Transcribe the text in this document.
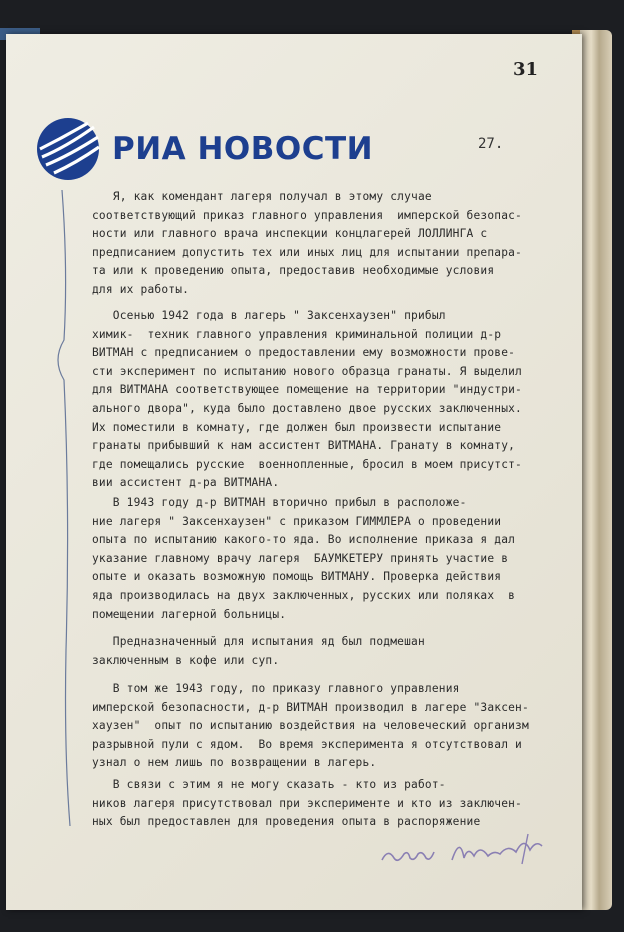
31
27.
РИА НОВОСТИ
Я, как комендант лагеря получал в этому случае
соответствующий приказ главного управления  имперской безопас-
ности или главного врача инспекции концлагерей ЛОЛЛИНГА с
предписанием допустить тех или иных лиц для испытании препара-
та или к проведению опыта, предоставив необходимые условия
для их работы.
Осенью 1942 года в лагерь " Заксенхаузен" прибыл
химик-  техник главного управления криминальной полиции д-р
ВИТМАН с предписанием о предоставлении ему возможности прове-
сти эксперимент по испытанию нового образца гранаты. Я выделил
для ВИТМАНА соответствующее помещение на территории "индустри-
ального двора", куда было доставлено двое русских заключенных.
Их поместили в комнату, где должен был произвести испытание
гранаты прибывший к нам ассистент ВИТМАНА. Гранату в комнату,
где помещались русские  военнопленные, бросил в моем присутст-
вии ассистент д-ра ВИТМАНА.
В 1943 году д-р ВИТМАН вторично прибыл в расположе-
ние лагеря " Заксенхаузен" с приказом ГИММЛЕРА о проведении
опыта по испытанию какого-то яда. Во исполнение приказа я дал
указание главному врачу лагеря  БАУМКЕТЕРУ принять участие в
опыте и оказать возможную помощь ВИТМАНУ. Проверка действия
яда производилась на двух заключенных, русских или поляках  в
помещении лагерной больницы.
Предназначенный для испытания яд был подмешан
заключенным в кофе или суп.
В том же 1943 году, по приказу главного управления
имперской безопасности, д-р ВИТМАН производил в лагере "Заксен-
хаузен"  опыт по испытанию воздействия на человеческий организм
разрывной пули с ядом.  Во время эксперимента я отсутствовал и
узнал о нем лишь по возвращении в лагерь.
В связи с этим я не могу сказать - кто из работ-
ников лагеря присутствовал при эксперименте и кто из заключен-
ных был предоставлен для проведения опыта в распоряжение
